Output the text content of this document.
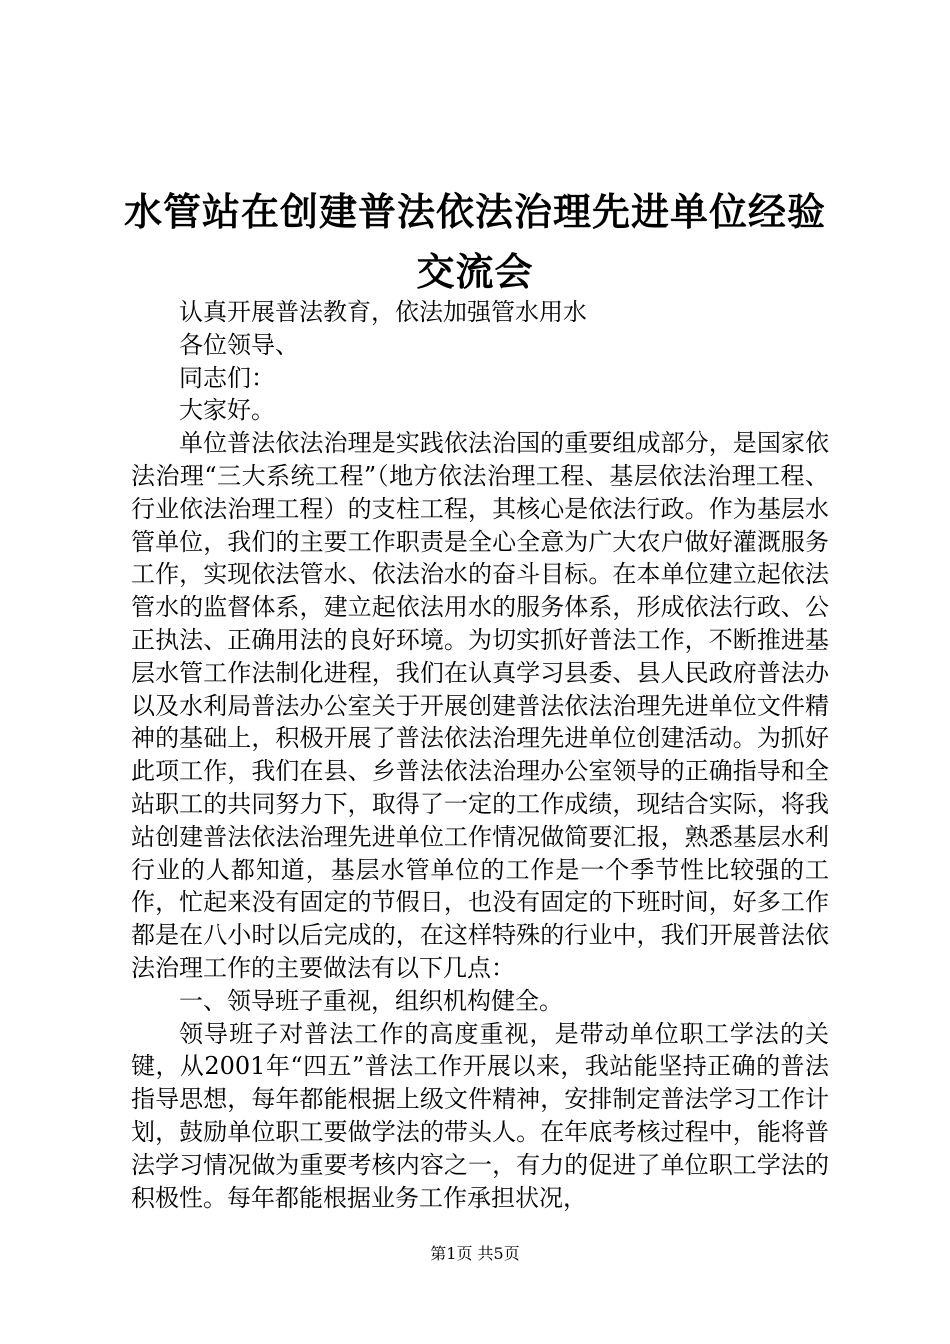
水管站在创建普法依法治理先进单位经验交流会

认真开展普法教育，依法加强管水用水

各位领导、

同志们：

大家好。

单位普法依法治理是实践依法治国的重要组成部分，是国家依法治理“三大系统工程”（地方依法治理工程、基层依法治理工程、行业依法治理工程）的支柱工程，其核心是依法行政。作为基层水管单位，我们的主要工作职责是全心全意为广大农户做好灌溉服务工作，实现依法管水、依法治水的奋斗目标。在本单位建立起依法管水的监督体系，建立起依法用水的服务体系，形成依法行政、公正执法、正确用法的良好环境。为切实抓好普法工作，不断推进基层水管工作法制化进程，我们在认真学习县委、县人民政府普法办以及水利局普法办公室关于开展创建普法依法治理先进单位文件精神的基础上，积极开展了普法依法治理先进单位创建活动。为抓好此项工作，我们在县、乡普法依法治理办公室领导的正确指导和全站职工的共同努力下，取得了一定的工作成绩，现结合实际，将我站创建普法依法治理先进单位工作情况做简要汇报，熟悉基层水利行业的人都知道，基层水管单位的工作是一个季节性比较强的工作，忙起来没有固定的节假日，也没有固定的下班时间，好多工作都是在八小时以后完成的，在这样特殊的行业中，我们开展普法依法治理工作的主要做法有以下几点：

一、领导班子重视，组织机构健全。

领导班子对普法工作的高度重视，是带动单位职工学法的关键，从2001年“四五”普法工作开展以来，我站能坚持正确的普法指导思想，每年都能根据上级文件精神，安排制定普法学习工作计划，鼓励单位职工要做学法的带头人。在年底考核过程中，能将普法学习情况做为重要考核内容之一，有力的促进了单位职工学法的积极性。每年都能根据业务工作承担状况，

第1页 共5页
